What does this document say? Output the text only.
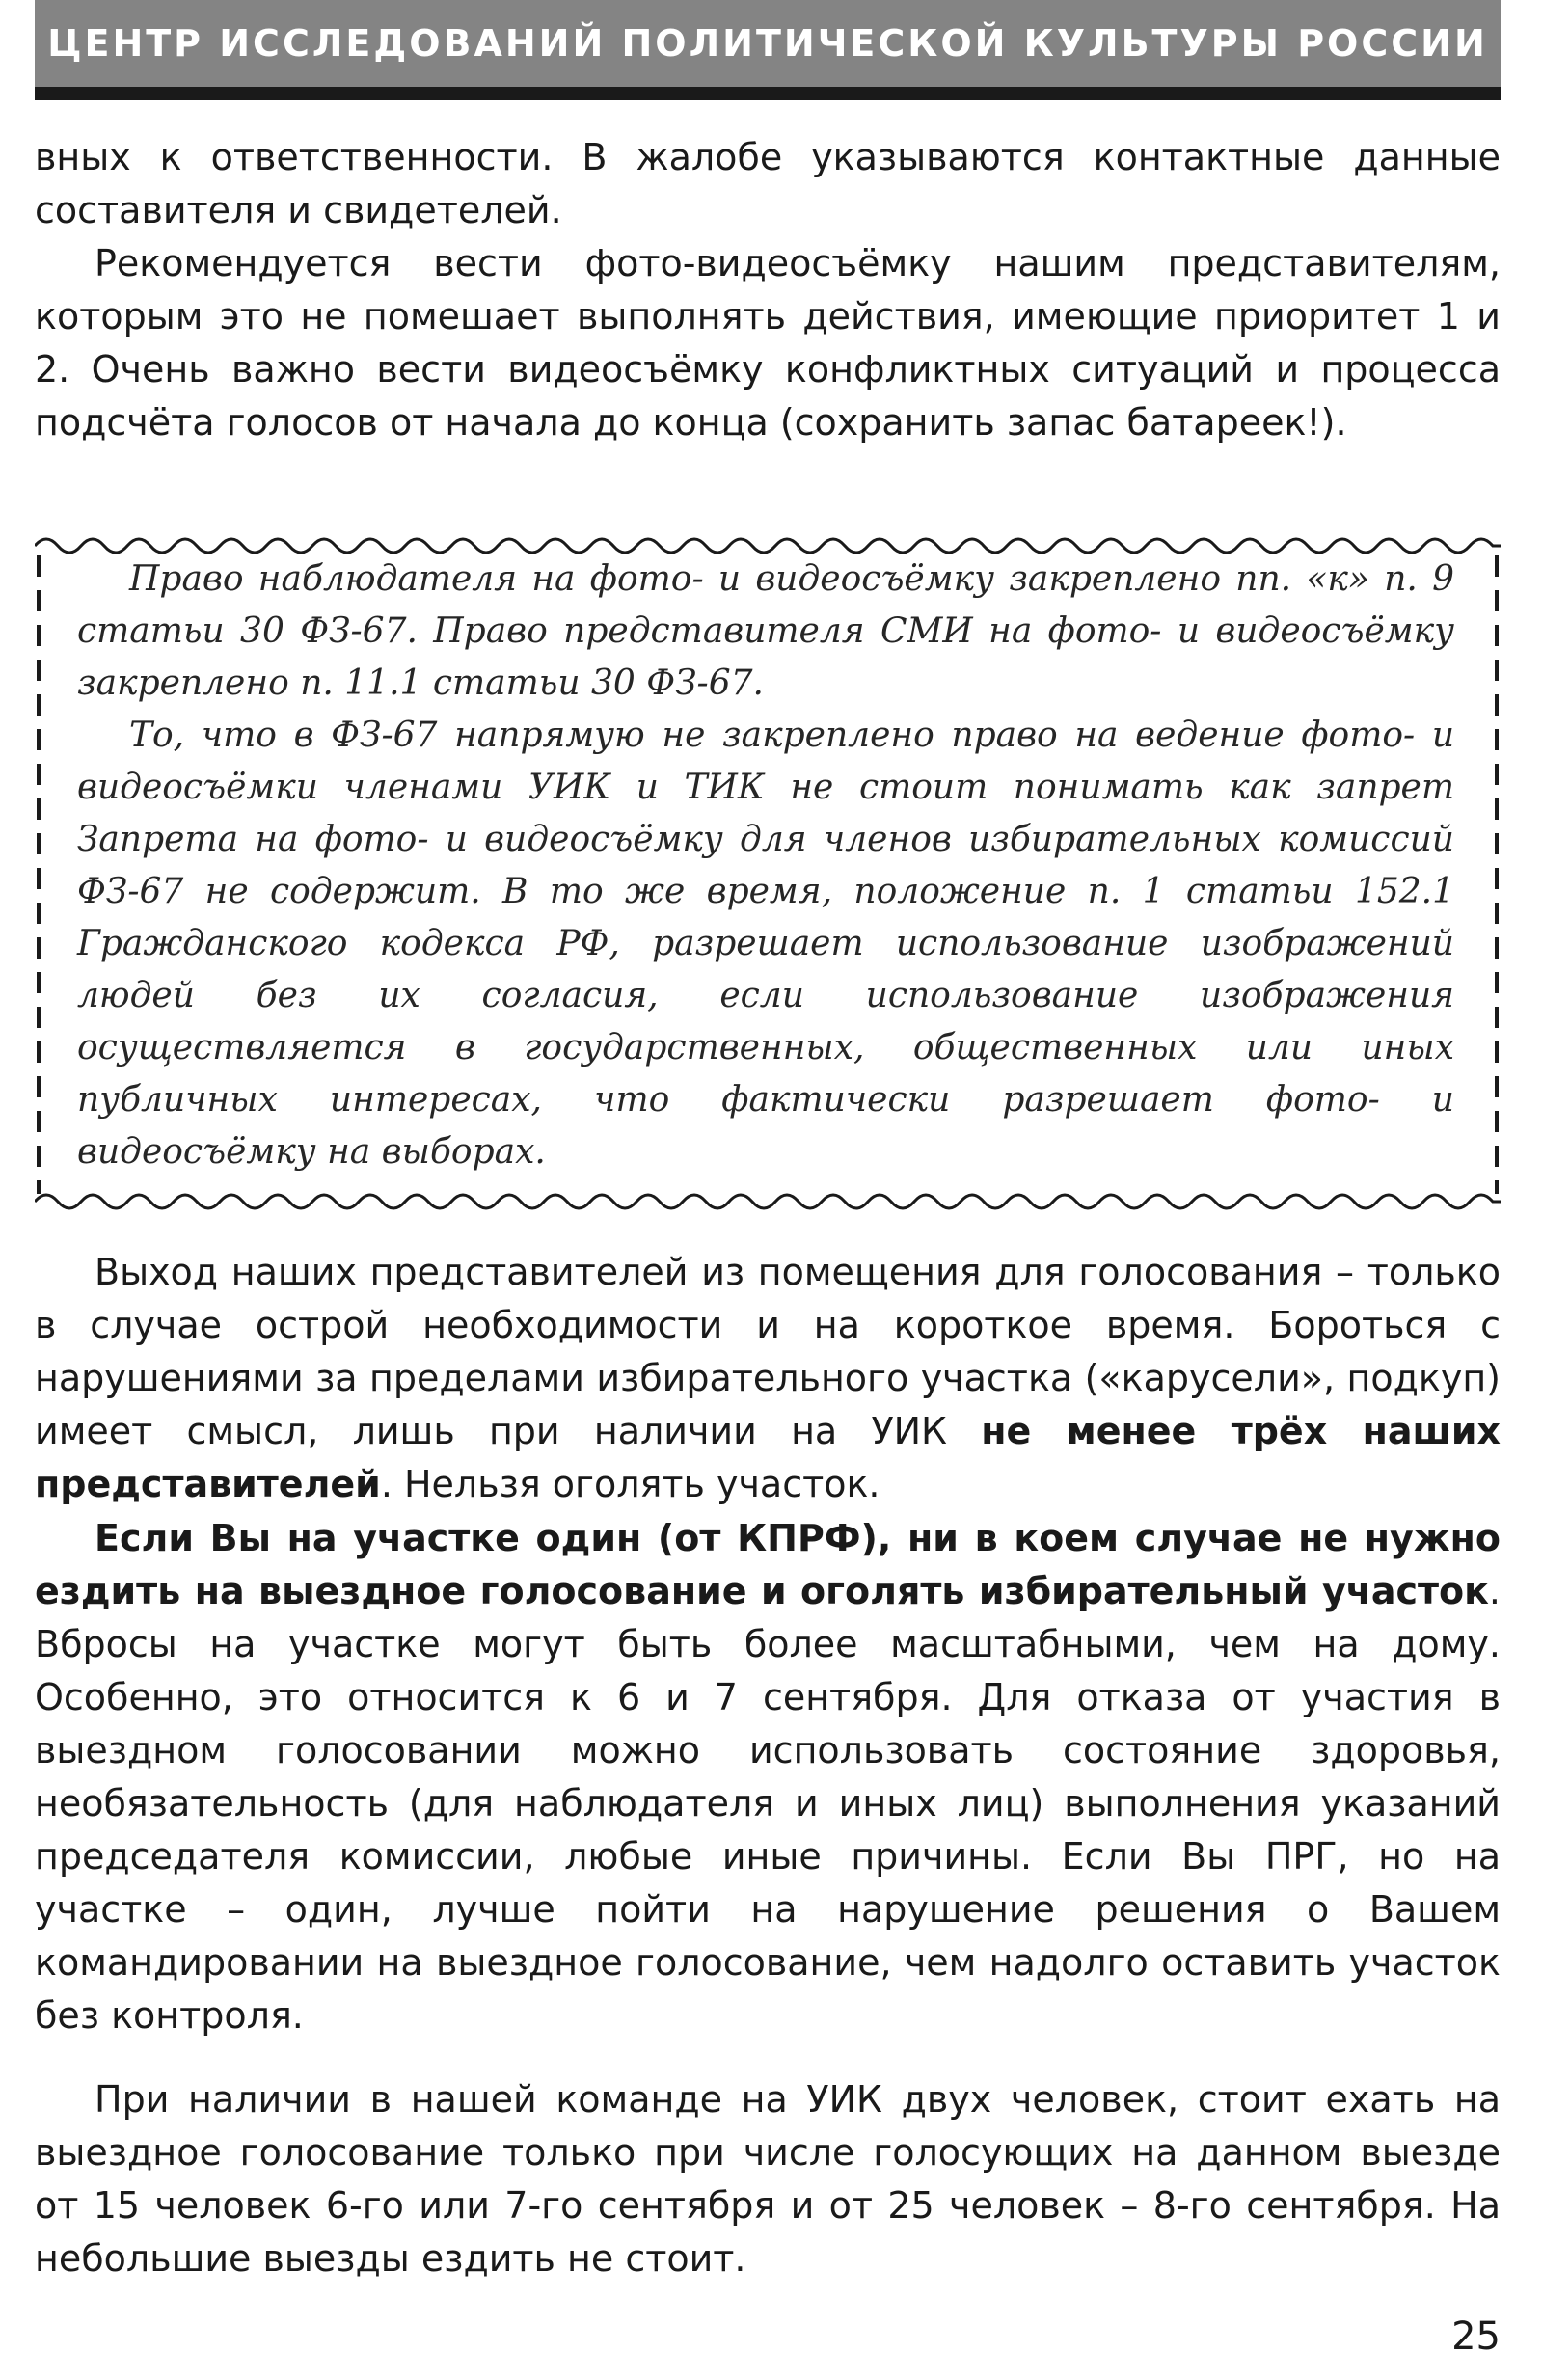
ЦЕНТР ИССЛЕДОВАНИЙ ПОЛИТИЧЕСКОЙ КУЛЬТУРЫ РОССИИ

вных к ответственности. В жалобе указываются контактные данные составителя и свидетелей.

Рекомендуется вести фото-видеосъёмку нашим представителям, которым это не помешает выполнять действия, имеющие приоритет 1 и 2. Очень важно вести видеосъёмку конфликтных ситуаций и процесса подсчёта голосов от начала до конца (сохранить запас батареек!).

Право наблюдателя на фото- и видеосъёмку закреплено пп. «к» п. 9 статьи 30 ФЗ-67. Право представителя СМИ на фото- и видеосъёмку закреплено п. 11.1 статьи 30 ФЗ-67.

То, что в ФЗ-67 напрямую не закреплено право на ведение фото- и видеосъёмки членами УИК и ТИК не стоит понимать как запрет Запрета на фото- и видеосъёмку для членов избирательных комиссий ФЗ-67 не содержит. В то же время, положение п. 1 статьи 152.1 Гражданского кодекса РФ, разрешает использование изображений людей без их согласия, если использование изображения осуществляется в государственных, общественных или иных публичных интересах, что фактически разрешает фото- и видеосъёмку на выборах.

Выход наших представителей из помещения для голосования – только в случае острой необходимости и на короткое время. Бороться с нарушениями за пределами избирательного участка («карусели», подкуп) имеет смысл, лишь при наличии на УИК не менее трёх наших представителей. Нельзя оголять участок.

Если Вы на участке один (от КПРФ), ни в коем случае не нужно ездить на выездное голосование и оголять избирательный участок. Вбросы на участке могут быть более масштабными, чем на дому. Особенно, это относится к 6 и 7 сентября. Для отказа от участия в выездном голосовании можно использовать состояние здоровья, необязательность (для наблюдателя и иных лиц) выполнения указаний председателя комиссии, любые иные причины. Если Вы ПРГ, но на участке – один, лучше пойти на нарушение решения о Вашем командировании на выездное голосование, чем надолго оставить участок без контроля.

При наличии в нашей команде на УИК двух человек, стоит ехать на выездное голосование только при числе голосующих на данном выезде от 15 человек 6-го или 7-го сентября и от 25 человек – 8-го сентября. На небольшие выезды ездить не стоит.

25
